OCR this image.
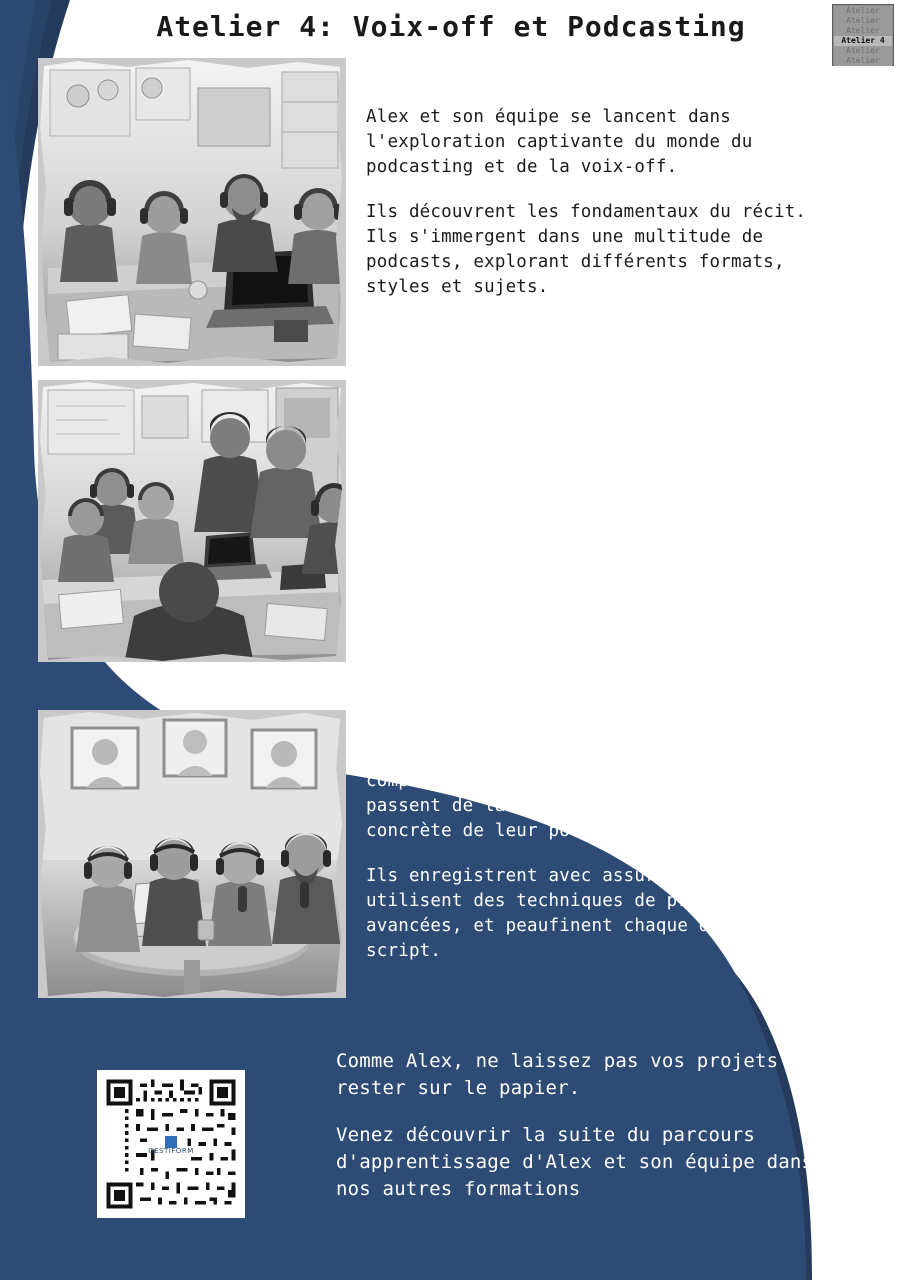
Atelier 4: Voix-off et Podcasting	Atelier
Atelier
Atelier
Atelier 4
Atelier
Atelier

Alex et son équipe se lancent dans l'exploration captivante du monde du podcasting et de la voix-off.

Ils découvrent les fondamentaux du récit. Ils s'immergent dans une multitude de podcasts, explorant différents formats, styles et sujets.

Guidés par leur curiosité, Alex et son équipe concevoivent et enregistrent des épisodes de podcast.

Ils identifient leur public cible, trouvent ce qui les rendent uniques, et définissent le contenu qui captivera leur audience.

Grâce à l'atelier 4 et armés des compétences acquises, Alex et son équipe passent de la conception à la réalisation concrète de leur podcast.

Ils enregistrent avec assurance, utilisent des techniques de prise de son avancées, et peaufinent chaque détail du script.

Comme Alex, ne laissez pas vos projets rester sur le papier.

Venez découvrir la suite du parcours d'apprentissage d'Alex et son équipe dans nos autres formations

GESTIFORM
